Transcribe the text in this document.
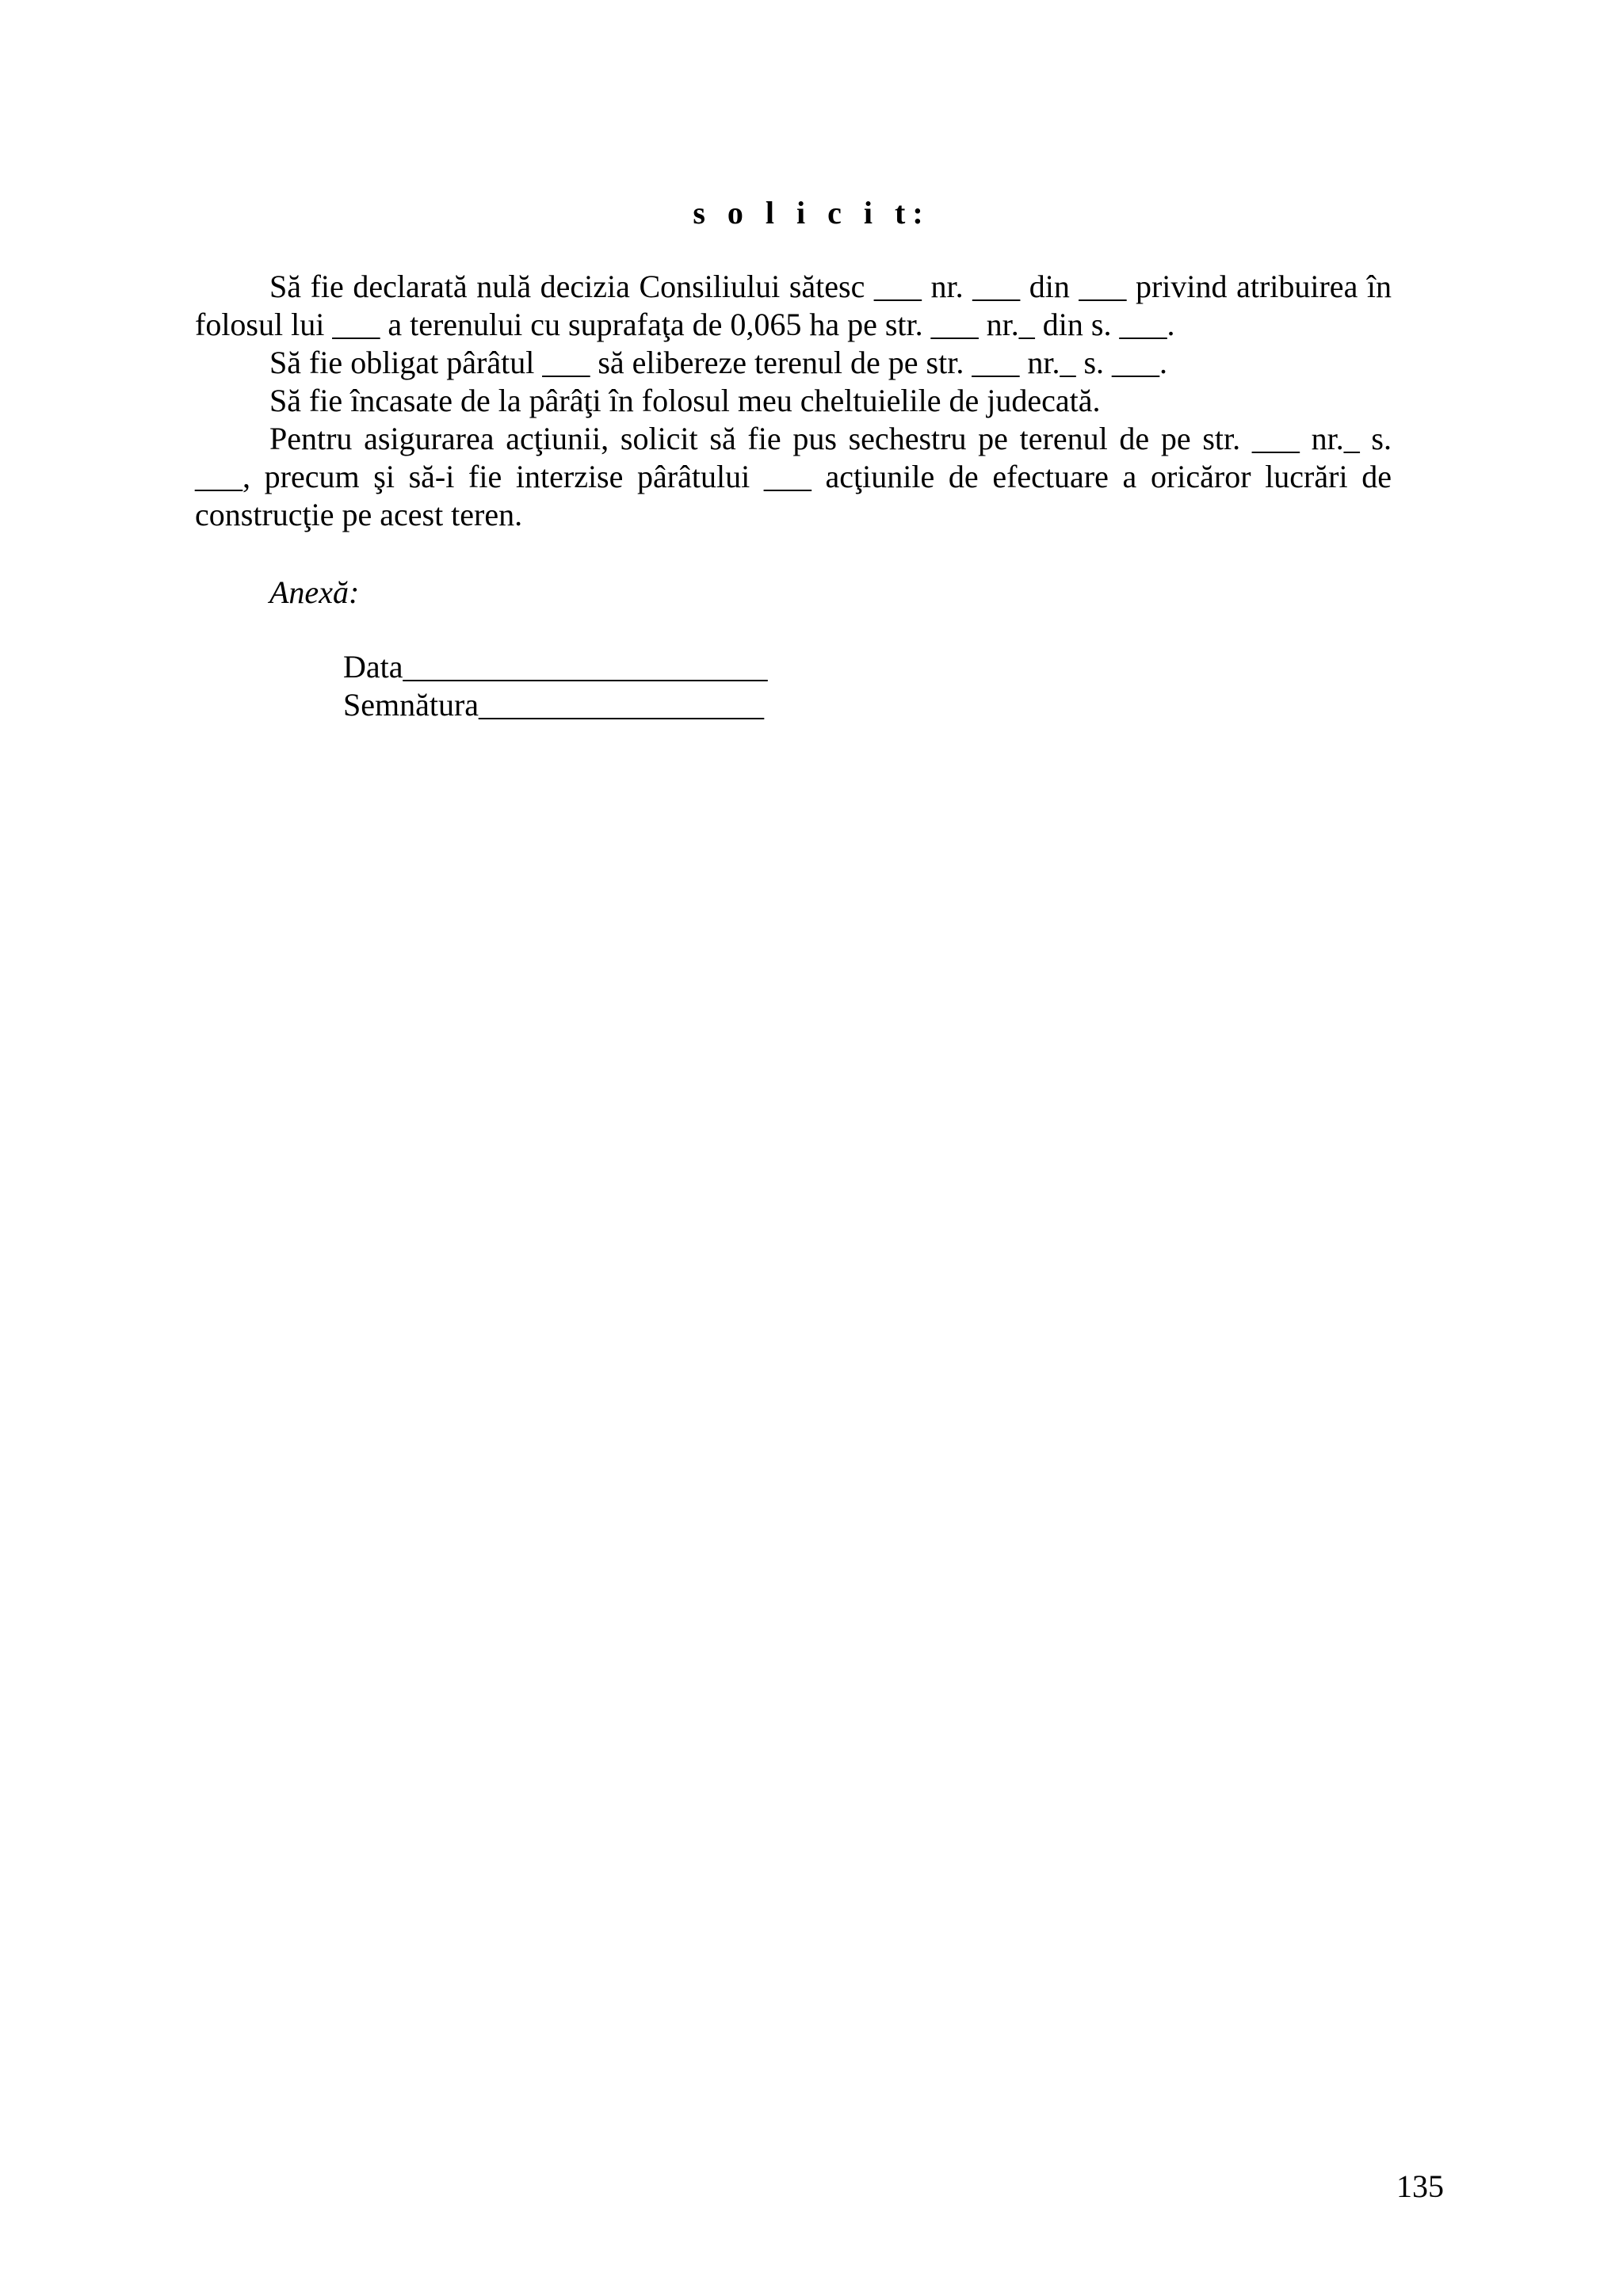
s o l i c i t:

Să fie declarată nulă decizia Consiliului sătesc ___ nr. ___ din ___ privind atribuirea în folosul lui ___ a terenului cu suprafaţa de 0,065 ha pe str. ___ nr._ din s. ___.

Să fie obligat pârâtul ___ să elibereze terenul de pe str. ___ nr._ s. ___.

Să fie încasate de la pârâţi în folosul meu cheltuielile de judecată.

Pentru asigurarea acţiunii, solicit să fie pus sechestru pe terenul de pe str. ___ nr._ s. ___, precum şi să-i fie interzise pârâtului ___ acţiunile de efectuare a oricăror lucrări de construcţie pe acest teren.

Anexă:
Data_______________________
Semnătura__________________
135
